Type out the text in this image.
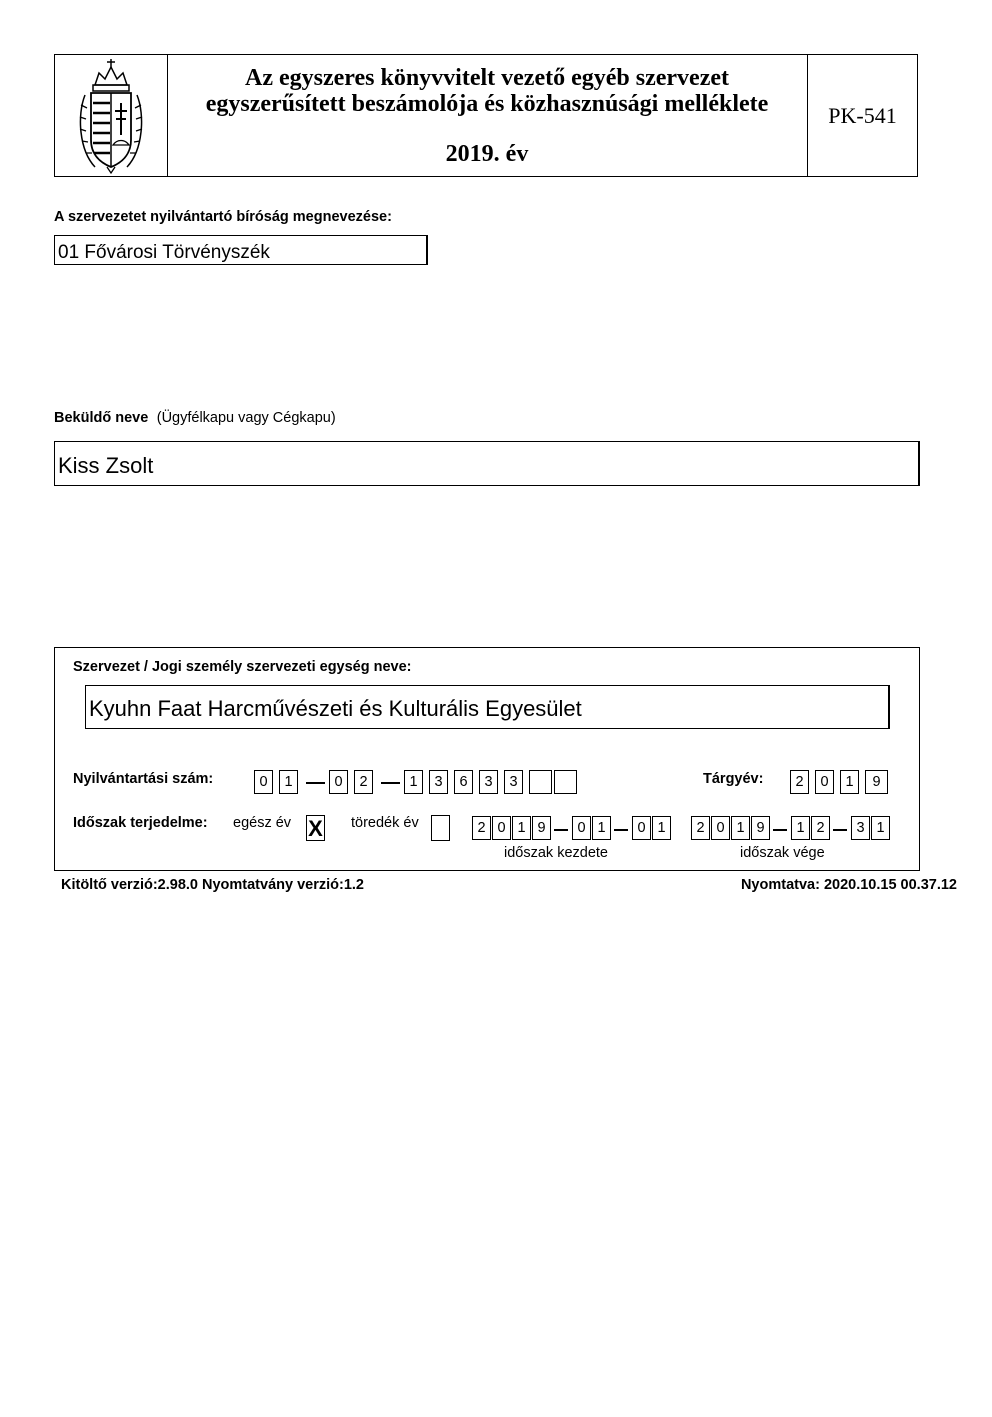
Az egyszeres könyvvitelt vezető egyéb szervezet
egyszerűsített beszámolója és közhasznúsági melléklete
2019. év
PK-541
A szervezetet nyilvántartó bíróság megnevezése:
01 Fővárosi Törvényszék
Beküldő neve (Ügyfélkapu vagy Cégkapu)
Kiss Zsolt
Szervezet / Jogi személy szervezeti egység neve:
Kyuhn Faat Harcművészeti és Kulturális Egyesület
Nyilvántartási szám:	0	1	0	2	1	3	6	3	3	Tárgyév:	2	0	1	9
Időszak terjedelme: egész év X töredék év	2 0 1 9	0 1	0 1
időszak kezdete
2 0 1 9	1 2	3 1
időszak vége
Kitöltő verzió:2.98.0 Nyomtatvány verzió:1.2	Nyomtatva: 2020.10.15 00.37.12
